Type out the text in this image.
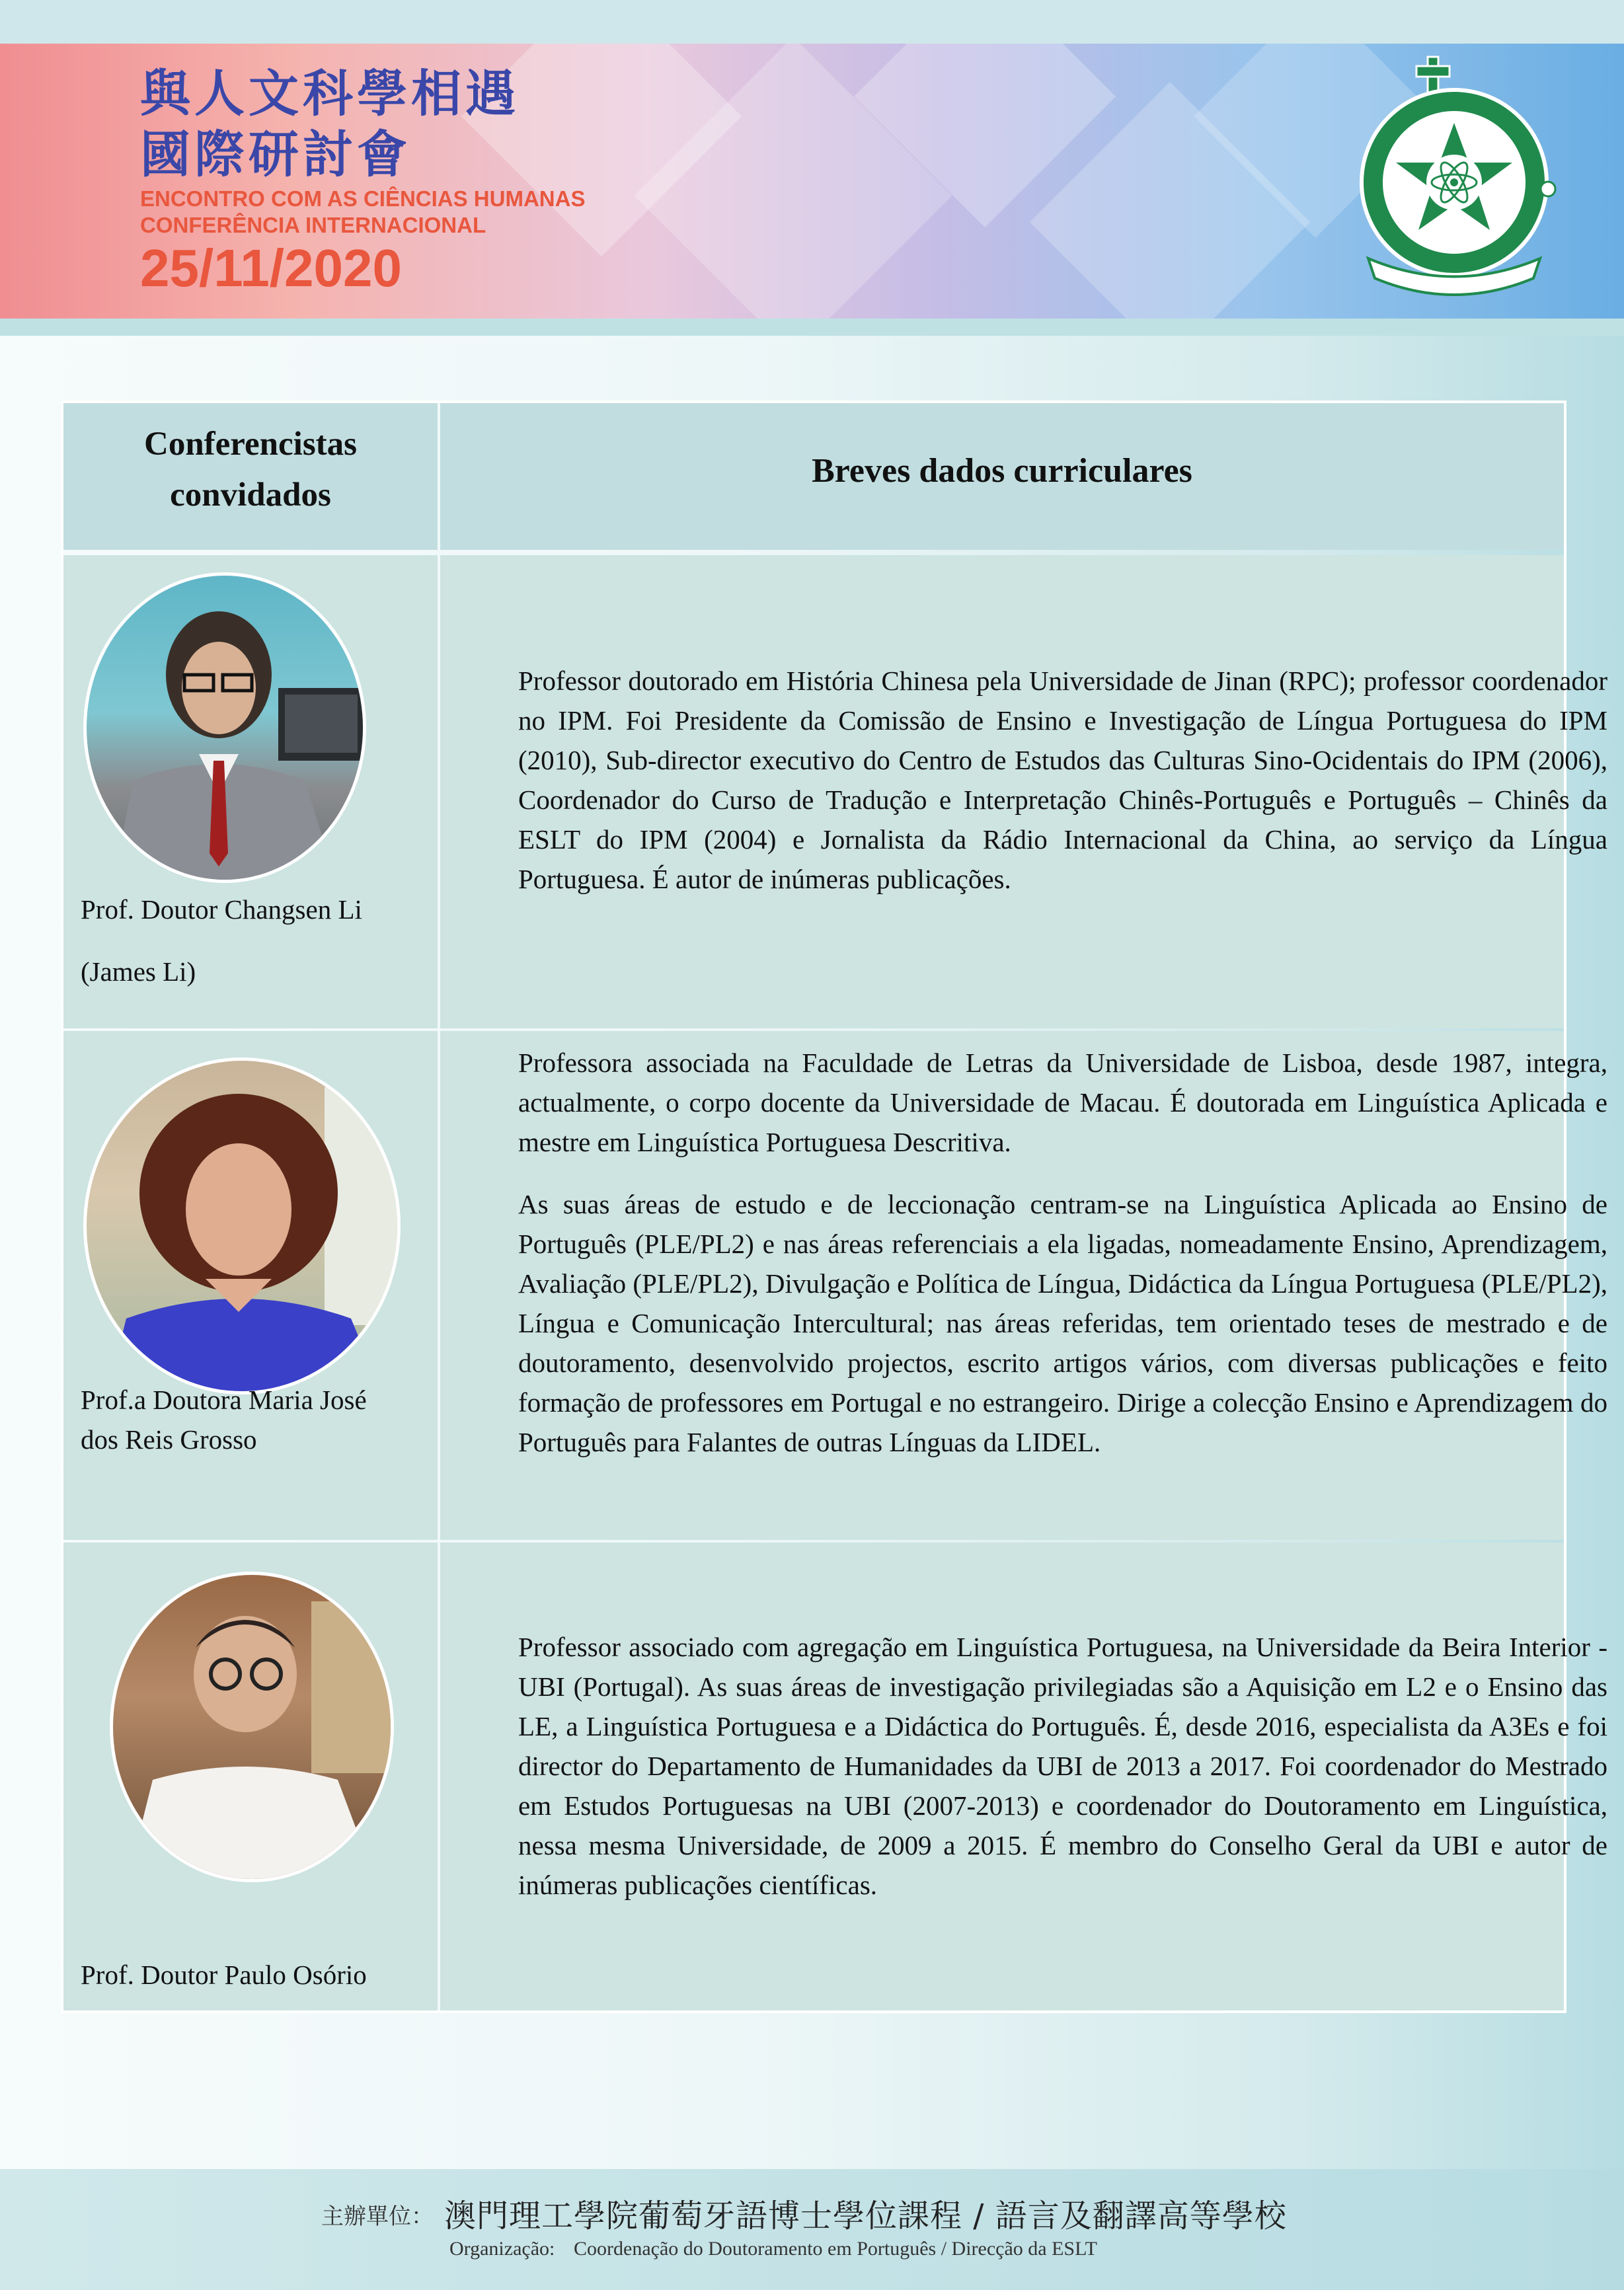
與人文科學相遇
國際研討會
ENCONTRO COM AS CIÊNCIAS HUMANAS
CONFERÊNCIA INTERNACIONAL
25/11/2020
Conferencistas convidados
Breves dados curriculares
Prof. Doutor Changsen Li
(James Li)
Prof.a Doutora Maria José
dos Reis Grosso
Prof. Doutor Paulo Osório

Professor doutorado em História Chinesa pela Universidade de Jinan (RPC); professor coordenador no IPM. Foi Presidente da Comissão de Ensino e Investigação de Língua Portuguesa do IPM (2010), Sub-director executivo do Centro de Estudos das Culturas Sino-Ocidentais do IPM (2006), Coordenador do Curso de Tradução e Interpretação Chinês-Português e Português – Chinês da ESLT do IPM (2004) e Jornalista da Rádio Internacional da China, ao serviço da Língua Portuguesa. É autor de inúmeras publicações.

Professora associada na Faculdade de Letras da Universidade de Lisboa, desde 1987, integra, actualmente, o corpo docente da Universidade de Macau. É doutorada em Linguística Aplicada e mestre em Linguística Portuguesa Descritiva.

As suas áreas de estudo e de leccionação centram-se na Linguística Aplicada ao Ensino de Português (PLE/PL2) e nas áreas referenciais a ela ligadas, nomeadamente Ensino, Aprendizagem, Avaliação (PLE/PL2), Divulgação e Política de Língua, Didáctica da Língua Portuguesa (PLE/PL2), Língua e Comunicação Intercultural; nas áreas referidas, tem orientado teses de mestrado e de doutoramento, desenvolvido projectos, escrito artigos vários, com diversas publicações e feito formação de professores em Portugal e no estrangeiro. Dirige a colecção Ensino e Aprendizagem do Português para Falantes de outras Línguas da LIDEL.

Professor associado com agregação em Linguística Portuguesa, na Universidade da Beira Interior - UBI (Portugal). As suas áreas de investigação privilegiadas são a Aquisição em L2 e o Ensino das LE, a Linguística Portuguesa e a Didáctica do Português. É, desde 2016, especialista da A3Es e foi director do Departamento de Humanidades da UBI de 2013 a 2017. Foi coordenador do Mestrado em Estudos Portuguesas na UBI (2007-2013) e coordenador do Doutoramento em Linguística, nessa mesma Universidade, de 2009 a 2015. É membro do Conselho Geral da UBI e autor de inúmeras publicações científicas.

主辦單位： 澳門理工學院葡萄牙語博士學位課程 / 語言及翻譯高等學校
Organização: Coordenação do Doutoramento em Português / Direcção da ESLT
